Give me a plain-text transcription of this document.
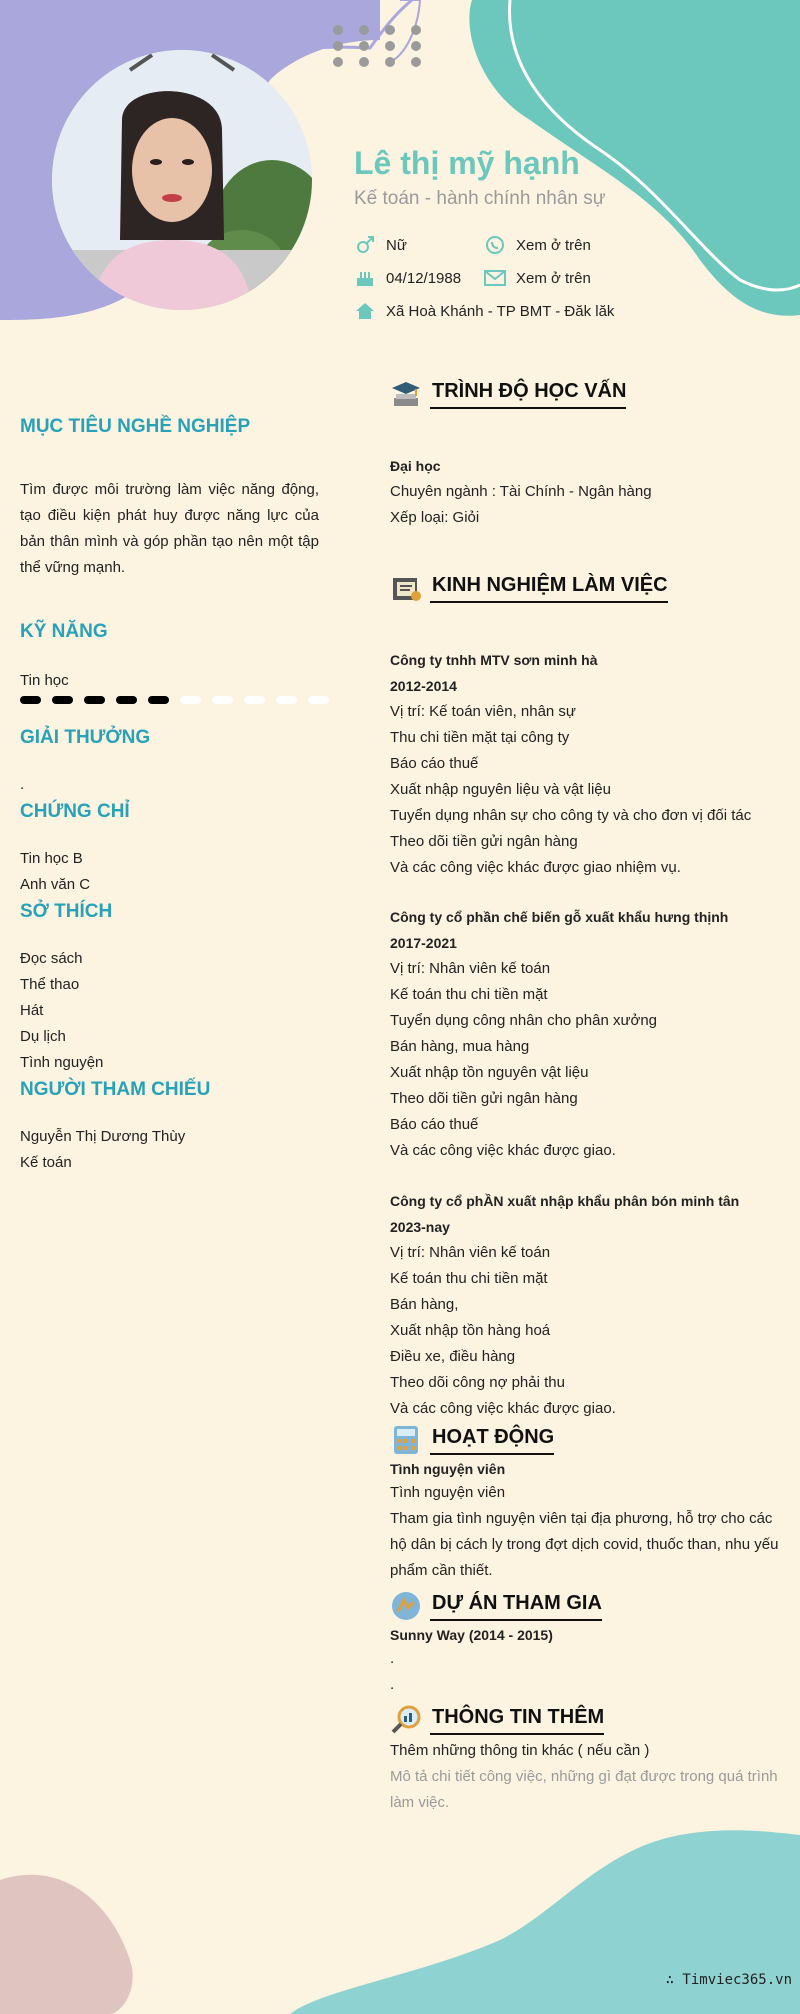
Lê thị mỹ hạnh
Kế toán - hành chính nhân sự
Nữ	Xem ở trên
04/12/1988	Xem ở trên
Xã Hoà Khánh - TP BMT - Đăk lăk
MỤC TIÊU NGHỀ NGHIỆP
Tìm được môi trường làm việc năng động, tạo điều kiện phát huy được năng lực của bản thân mình và góp phần tạo nên một tập thể vững mạnh.
KỸ NĂNG
Tin học
GIẢI THƯỞNG
.
CHỨNG CHỈ
Tin học B
Anh văn C
SỞ THÍCH
Đọc sách
Thể thao
Hát
Dụ lịch
Tình nguyện
NGƯỜI THAM CHIẾU
Nguyễn Thị Dương Thùy
Kế toán
TRÌNH ĐỘ HỌC VẤN
Đại học
Chuyên ngành : Tài Chính - Ngân hàng
Xếp loại: Giỏi
KINH NGHIỆM LÀM VIỆC
Công ty tnhh MTV sơn minh hà
2012-2014
Vị trí: Kế toán viên, nhân sự
Thu chi tiền mặt tại công ty
Báo cáo thuế
Xuất nhập nguyên liệu và vật liệu
Tuyển dụng nhân sự cho công ty và cho đơn vị đối tác
Theo dõi tiền gửi ngân hàng
Và các công việc khác được giao nhiệm vụ.
Công ty cổ phần chế biến gỗ xuất khẩu hưng thịnh
2017-2021
Vị trí: Nhân viên kế toán
Kế toán thu chi tiền mặt
Tuyển dụng công nhân cho phân xưởng
Bán hàng, mua hàng
Xuất nhập tồn nguyên vật liệu
Theo dõi tiền gửi ngân hàng
Báo cáo thuế
Và các công việc khác được giao.
Công ty cổ phẦN xuất nhập khẩu phân bón minh tân
2023-nay
Vị trí: Nhân viên kế toán
Kế toán thu chi tiền mặt
Bán hàng,
Xuất nhập tồn hàng hoá
Điều xe, điều hàng
Theo dõi công nợ phải thu
Và các công việc khác được giao.
HOẠT ĐỘNG
Tình nguyện viên
Tình nguyện viên
Tham gia tình nguyện viên tại địa phương, hỗ trợ cho các hộ dân bị cách ly trong đợt dịch covid, thuốc than, nhu yếu phẩm cần thiết.
DỰ ÁN THAM GIA
Sunny Way (2014 - 2015)
.
.
THÔNG TIN THÊM
Thêm những thông tin khác ( nếu cần )
Mô tả chi tiết công việc, những gì đạt được trong quá trình làm việc.
∴ Timviec365.vn
